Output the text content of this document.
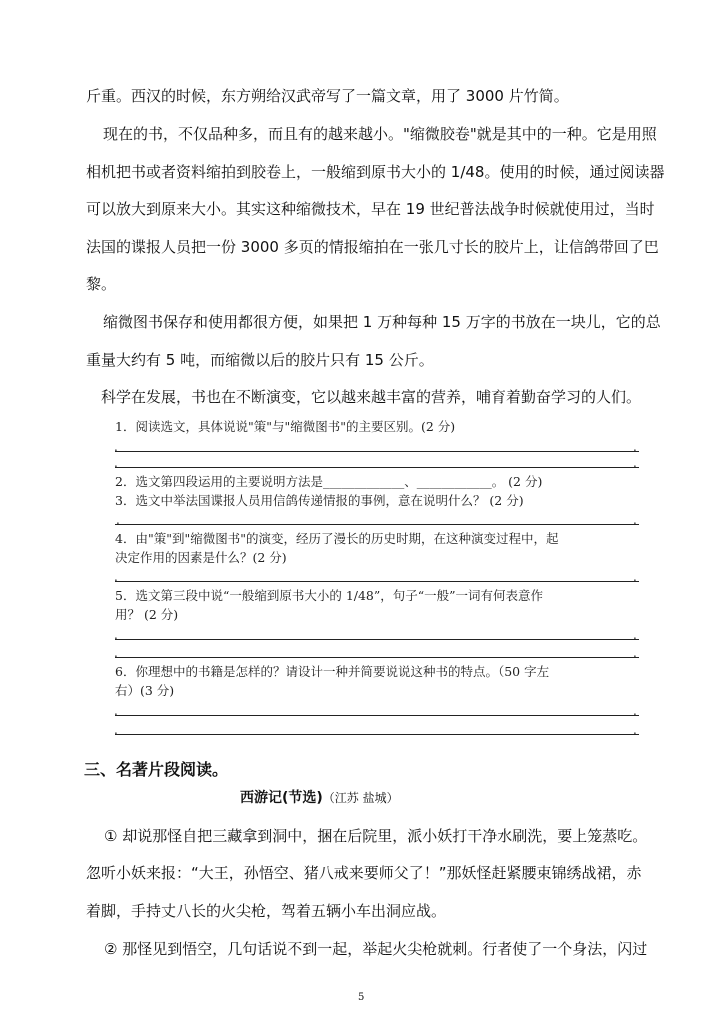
斤重。西汉的时候，东方朔给汉武帝写了一篇文章，用了 3000 片竹简。
现在的书，不仅品种多，而且有的越来越小。"缩微胶卷"就是其中的一种。它是用照
相机把书或者资料缩拍到胶卷上，一般缩到原书大小的 1/48。使用的时候，通过阅读器
可以放大到原来大小。其实这种缩微技术，早在 19 世纪普法战争时候就使用过，当时
法国的谍报人员把一份 3000 多页的情报缩拍在一张几寸长的胶片上，让信鸽带回了巴
黎。
缩微图书保存和使用都很方便，如果把 1 万种每种 15 万字的书放在一块儿，它的总
重量大约有 5 吨，而缩微以后的胶片只有 15 公斤。
科学在发展，书也在不断演变，它以越来越丰富的营养，哺育着勤奋学习的人们。
1．阅读选文，具体说说"策"与"缩微图书"的主要区别。(2 分)
.	.
.	.
2．选文第四段运用的主要说明方法是_____________、____________。 (2 分)
3．选文中举法国谍报人员用信鸽传递情报的事例，意在说明什么？ (2 分)
.	.
4．由"策"到"缩微图书"的演变，经历了漫长的历史时期，在这种演变过程中，起
决定作用的因素是什么？(2 分)
.	.
5．选文第三段中说“一般缩到原书大小的 1/48”，句子“一般”一词有何表意作
用？ (2 分)
.	.
.	.
6．你理想中的书籍是怎样的？请设计一种并简要说说这种书的特点。（50 字左
右）(3 分)
.	.
.	.
三、名著片段阅读。
西游记(节选)（江苏 盐城）
① 却说那怪自把三藏拿到洞中，捆在后院里，派小妖打干净水刷洗，要上笼蒸吃。
忽听小妖来报：“大王，孙悟空、猪八戒来要师父了！”那妖怪赶紧腰束锦绣战裙，赤
着脚，手持丈八长的火尖枪，驾着五辆小车出洞应战。
② 那怪见到悟空，几句话说不到一起，举起火尖枪就刺。行者使了一个身法，闪过
5
